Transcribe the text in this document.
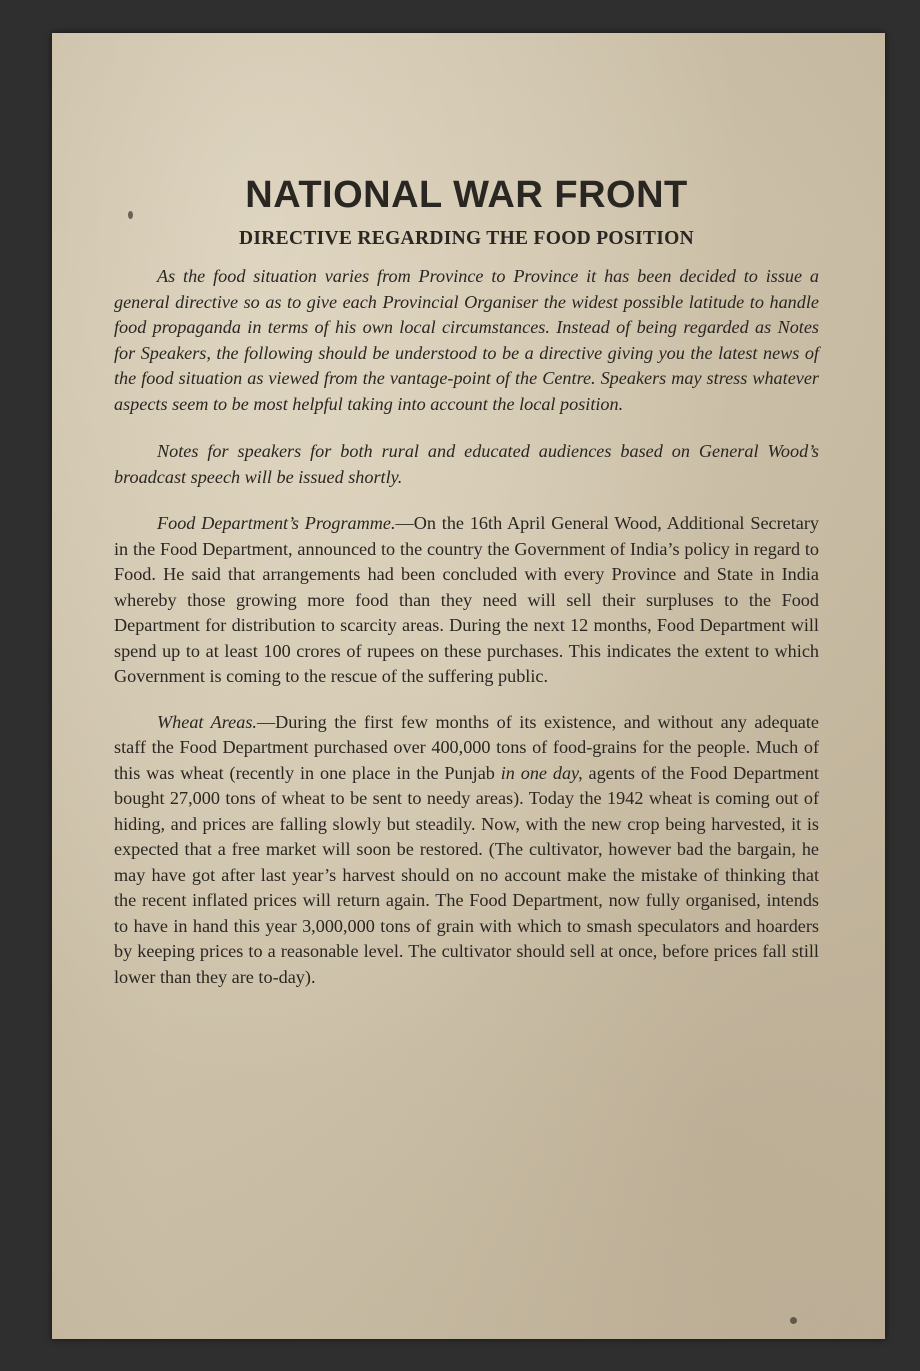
NATIONAL WAR FRONT
DIRECTIVE REGARDING THE FOOD POSITION

As the food situation varies from Province to Province it has been decided to issue a general directive so as to give each Provincial Organiser the widest possible latitude to handle food propaganda in terms of his own local circumstances. Instead of being regarded as Notes for Speakers, the following should be understood to be a directive giving you the latest news of the food situation as viewed from the vantage-point of the Centre. Speakers may stress whatever aspects seem to be most helpful taking into account the local position.

Notes for speakers for both rural and educated audiences based on General Wood’s broadcast speech will be issued shortly.

Food Department’s Programme.—On the 16th April General Wood, Additional Secretary in the Food Department, announced to the country the Government of India’s policy in regard to Food. He said that arrangements had been concluded with every Province and State in India whereby those growing more food than they need will sell their surpluses to the Food Department for distribution to scarcity areas. During the next 12 months, Food Department will spend up to at least 100 crores of rupees on these purchases. This indicates the extent to which Government is coming to the rescue of the suffering public.

Wheat Areas.—During the first few months of its existence, and without any adequate staff the Food Department purchased over 400,000 tons of food-grains for the people. Much of this was wheat (recently in one place in the Punjab in one day, agents of the Food Department bought 27,000 tons of wheat to be sent to needy areas). Today the 1942 wheat is coming out of hiding, and prices are falling slowly but steadily. Now, with the new crop being harvested, it is expected that a free market will soon be restored. (The cultivator, however bad the bargain, he may have got after last year’s harvest should on no account make the mistake of thinking that the recent inflated prices will return again. The Food Department, now fully organised, intends to have in hand this year 3,000,000 tons of grain with which to smash speculators and hoarders by keeping prices to a reasonable level. The cultivator should sell at once, before prices fall still lower than they are to-day).
